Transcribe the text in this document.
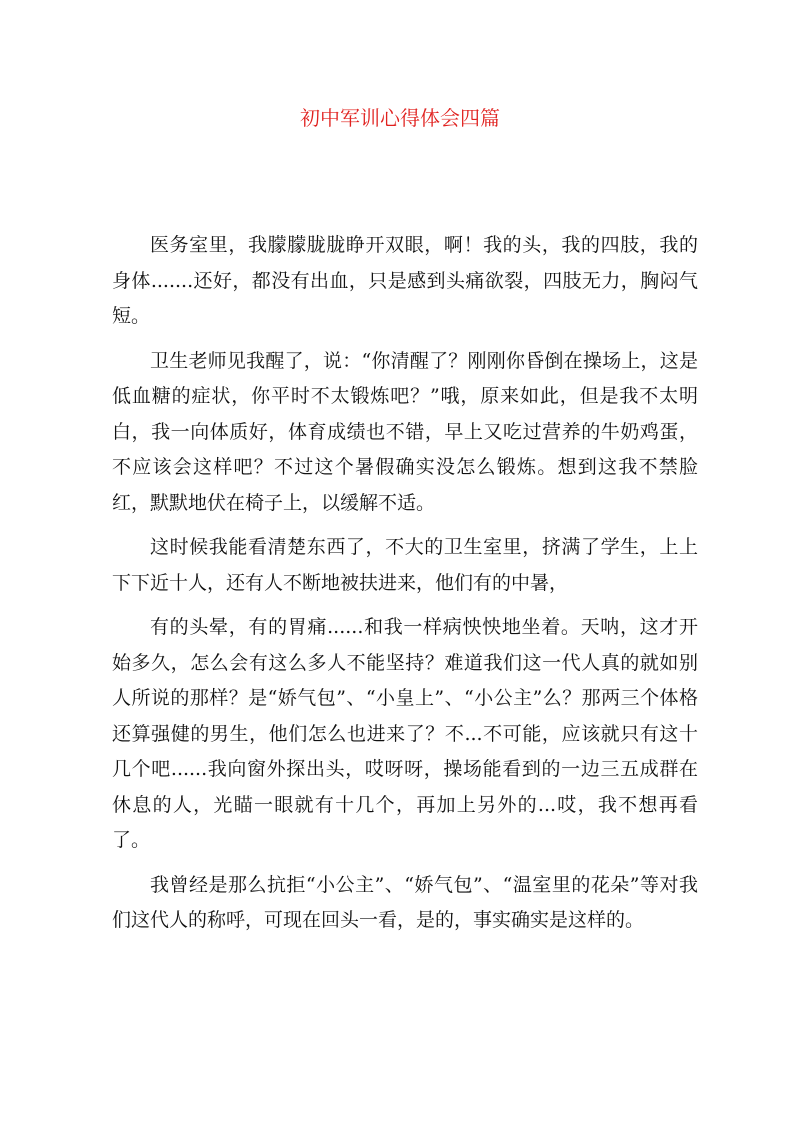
初中军训心得体会四篇

医务室里，我朦朦胧胧睁开双眼，啊！我的头，我的四肢，我的身体.......还好，都没有出血，只是感到头痛欲裂，四肢无力，胸闷气短。

卫生老师见我醒了，说：“你清醒了？刚刚你昏倒在操场上，这是低血糖的症状，你平时不太锻炼吧？”哦，原来如此，但是我不太明白，我一向体质好，体育成绩也不错，早上又吃过营养的牛奶鸡蛋，不应该会这样吧？不过这个暑假确实没怎么锻炼。想到这我不禁脸红，默默地伏在椅子上，以缓解不适。

这时候我能看清楚东西了，不大的卫生室里，挤满了学生，上上下下近十人，还有人不断地被扶进来，他们有的中暑，

有的头晕，有的胃痛......和我一样病怏怏地坐着。天呐，这才开始多久，怎么会有这么多人不能坚持？难道我们这一代人真的就如别人所说的那样？是“娇气包”、“小皇上”、“小公主”么？那两三个体格还算强健的男生，他们怎么也进来了？不...不可能，应该就只有这十几个吧......我向窗外探出头，哎呀呀，操场能看到的一边三五成群在休息的人，光瞄一眼就有十几个，再加上另外的...哎，我不想再看了。

我曾经是那么抗拒“小公主”、“娇气包”、“温室里的花朵”等对我们这代人的称呼，可现在回头一看，是的，事实确实是这样的。
